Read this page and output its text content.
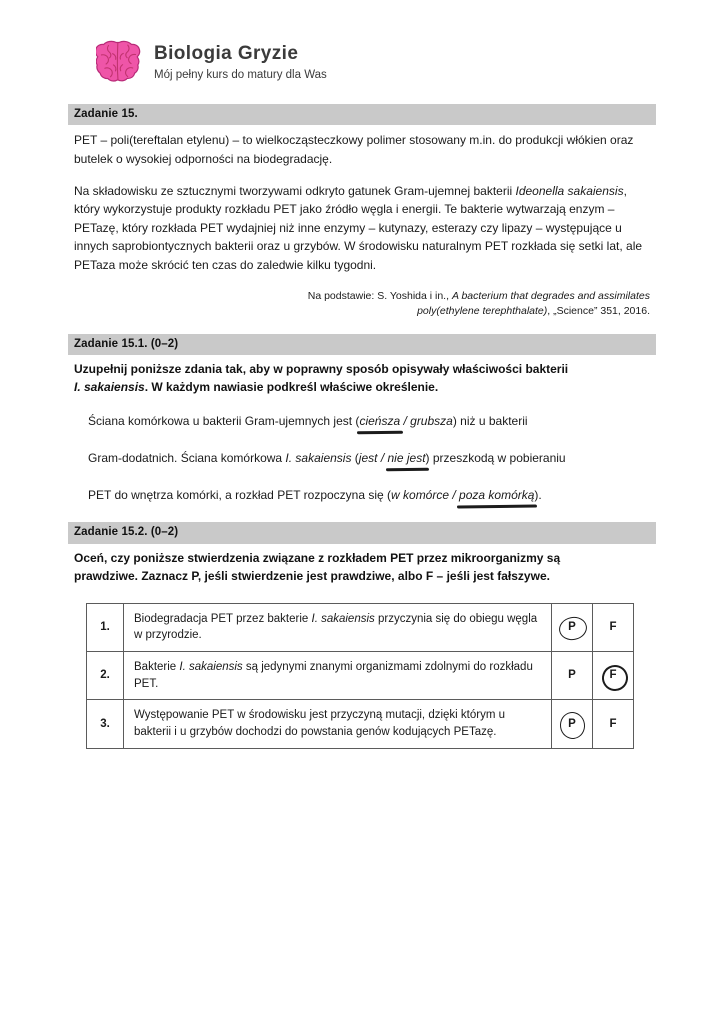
Biologia Gryzie
Mój pełny kurs do matury dla Was
Zadanie 15.

PET – poli(tereftalan etylenu) – to wielkocząsteczkowy polimer stosowany m.in. do produkcji włókien oraz butelek o wysokiej odporności na biodegradację.

Na składowisku ze sztucznymi tworzywami odkryto gatunek Gram-ujemnej bakterii Ideonella sakaiensis, który wykorzystuje produkty rozkładu PET jako źródło węgla i energii. Te bakterie wytwarzają enzym – PETazę, który rozkłada PET wydajniej niż inne enzymy – kutynazy, esterazy czy lipazy – występujące u innych saprobiontycznych bakterii oraz u grzybów. W środowisku naturalnym PET rozkłada się setki lat, ale PETaza może skrócić ten czas do zaledwie kilku tygodni.

Na podstawie: S. Yoshida i in., A bacterium that degrades and assimilates
poly(ethylene terephthalate), „Science” 351, 2016.
Zadanie 15.1. (0–2)
Uzupełnij poniższe zdania tak, aby w poprawny sposób opisywały właściwości bakterii
I. sakaiensis. W każdym nawiasie podkreśl właściwe określenie.
Ściana komórkowa u bakterii Gram-ujemnych jest (cieńsza / grubsza) niż u bakterii
Gram-dodatnich. Ściana komórkowa I. sakaiensis (jest / nie jest) przeszkodą w pobieraniu
PET do wnętrza komórki, a rozkład PET rozpoczyna się (w komórce / poza komórką).
Zadanie 15.2. (0–2)
Oceń, czy poniższe stwierdzenia związane z rozkładem PET przez mikroorganizmy są
prawdziwe. Zaznacz P, jeśli stwierdzenie jest prawdziwe, albo F – jeśli jest fałszywe.
1.	Biodegradacja PET przez bakterie I. sakaiensis przyczynia się do obiegu węgla w przyrodzie.	P	F
2.	Bakterie I. sakaiensis są jedynymi znanymi organizmami zdolnymi do rozkładu PET.	P	F
3.	Występowanie PET w środowisku jest przyczyną mutacji, dzięki którym u bakterii i u grzybów dochodzi do powstania genów kodujących PETazę.	P	F
